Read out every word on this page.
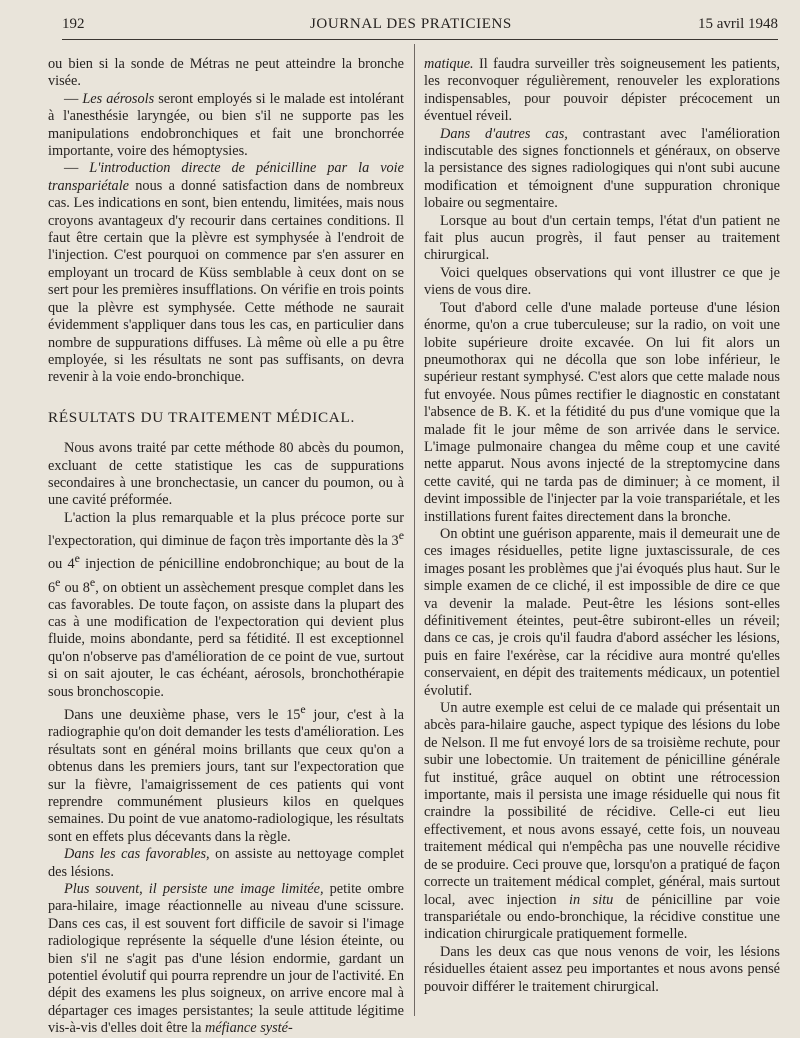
192	JOURNAL DES PRATICIENS	15 avril 1948

ou bien si la sonde de Métras ne peut atteindre la bronche visée.

— Les aérosols seront employés si le malade est intolérant à l'anesthésie laryngée, ou bien s'il ne supporte pas les manipulations endobronchiques et fait une bronchorrée importante, voire des hémoptysies.

— L'introduction directe de pénicilline par la voie transpariétale nous a donné satisfaction dans de nombreux cas. Les indications en sont, bien entendu, limitées, mais nous croyons avantageux d'y recourir dans certaines conditions. Il faut être certain que la plèvre est symphysée à l'endroit de l'injection. C'est pourquoi on commence par s'en assurer en employant un trocard de Küss semblable à ceux dont on se sert pour les premières insufflations. On vérifie en trois points que la plèvre est symphysée. Cette méthode ne saurait évidemment s'appliquer dans tous les cas, en particulier dans nombre de suppurations diffuses. Là même où elle a pu être employée, si les résultats ne sont pas suffisants, on devra revenir à la voie endo-bronchique.

RÉSULTATS DU TRAITEMENT MÉDICAL.

Nous avons traité par cette méthode 80 abcès du poumon, excluant de cette statistique les cas de suppurations secondaires à une bronchectasie, un cancer du poumon, ou à une cavité préformée.

L'action la plus remarquable et la plus précoce porte sur l'expectoration, qui diminue de façon très importante dès la 3e ou 4e injection de pénicilline endobronchique; au bout de la 6e ou 8e, on obtient un assèchement presque complet dans les cas favorables. De toute façon, on assiste dans la plupart des cas à une modification de l'expectoration qui devient plus fluide, moins abondante, perd sa fétidité. Il est exceptionnel qu'on n'observe pas d'amélioration de ce point de vue, surtout si on sait ajouter, le cas échéant, aérosols, bronchothérapie sous bronchoscopie.

Dans une deuxième phase, vers le 15e jour, c'est à la radiographie qu'on doit demander les tests d'amélioration. Les résultats sont en général moins brillants que ceux qu'on a obtenus dans les premiers jours, tant sur l'expectoration que sur la fièvre, l'amaigrissement de ces patients qui vont reprendre communément plusieurs kilos en quelques semaines. Du point de vue anatomo-radiologique, les résultats sont en effets plus décevants dans la règle.

Dans les cas favorables, on assiste au nettoyage complet des lésions.

Plus souvent, il persiste une image limitée, petite ombre para-hilaire, image réactionnelle au niveau d'une scissure. Dans ces cas, il est souvent fort difficile de savoir si l'image radiologique représente la séquelle d'une lésion éteinte, ou bien s'il ne s'agit pas d'une lésion endormie, gardant un potentiel évolutif qui pourra reprendre un jour de l'activité. En dépit des examens les plus soigneux, on arrive encore mal à départager ces images persistantes; la seule attitude légitime vis-à-vis d'elles doit être la méfiance systé-

matique. Il faudra surveiller très soigneusement les patients, les reconvoquer régulièrement, renouveler les explorations indispensables, pour pouvoir dépister précocement un éventuel réveil.

Dans d'autres cas, contrastant avec l'amélioration indiscutable des signes fonctionnels et généraux, on observe la persistance des signes radiologiques qui n'ont subi aucune modification et témoignent d'une suppuration chronique lobaire ou segmentaire.

Lorsque au bout d'un certain temps, l'état d'un patient ne fait plus aucun progrès, il faut penser au traitement chirurgical.

Voici quelques observations qui vont illustrer ce que je viens de vous dire.

Tout d'abord celle d'une malade porteuse d'une lésion énorme, qu'on a crue tuberculeuse; sur la radio, on voit une lobite supérieure droite excavée. On lui fit alors un pneumothorax qui ne décolla que son lobe inférieur, le supérieur restant symphysé. C'est alors que cette malade nous fut envoyée. Nous pûmes rectifier le diagnostic en constatant l'absence de B. K. et la fétidité du pus d'une vomique que la malade fit le jour même de son arrivée dans le service. L'image pulmonaire changea du même coup et une cavité nette apparut. Nous avons injecté de la streptomycine dans cette cavité, qui ne tarda pas de diminuer; à ce moment, il devint impossible de l'injecter par la voie transpariétale, et les instillations furent faites directement dans la bronche.

On obtint une guérison apparente, mais il demeurait une de ces images résiduelles, petite ligne juxtascissurale, de ces images posant les problèmes que j'ai évoqués plus haut. Sur le simple examen de ce cliché, il est impossible de dire ce que va devenir la malade. Peut-être les lésions sont-elles définitivement éteintes, peut-être subiront-elles un réveil; dans ce cas, je crois qu'il faudra d'abord assécher les lésions, puis en faire l'exérèse, car la récidive aura montré qu'elles conservaient, en dépit des traitements médicaux, un potentiel évolutif.

Un autre exemple est celui de ce malade qui présentait un abcès para-hilaire gauche, aspect typique des lésions du lobe de Nelson. Il me fut envoyé lors de sa troisième rechute, pour subir une lobectomie. Un traitement de pénicilline générale fut institué, grâce auquel on obtint une rétrocession importante, mais il persista une image résiduelle qui nous fit craindre la possibilité de récidive. Celle-ci eut lieu effectivement, et nous avons essayé, cette fois, un nouveau traitement médical qui n'empêcha pas une nouvelle récidive de se produire. Ceci prouve que, lorsqu'on a pratiqué de façon correcte un traitement médical complet, général, mais surtout local, avec injection in situ de pénicilline par voie transpariétale ou endo-bronchique, la récidive constitue une indication chirurgicale pratiquement formelle.

Dans les deux cas que nous venons de voir, les lésions résiduelles étaient assez peu importantes et nous avons pensé pouvoir différer le traitement chirurgical.
